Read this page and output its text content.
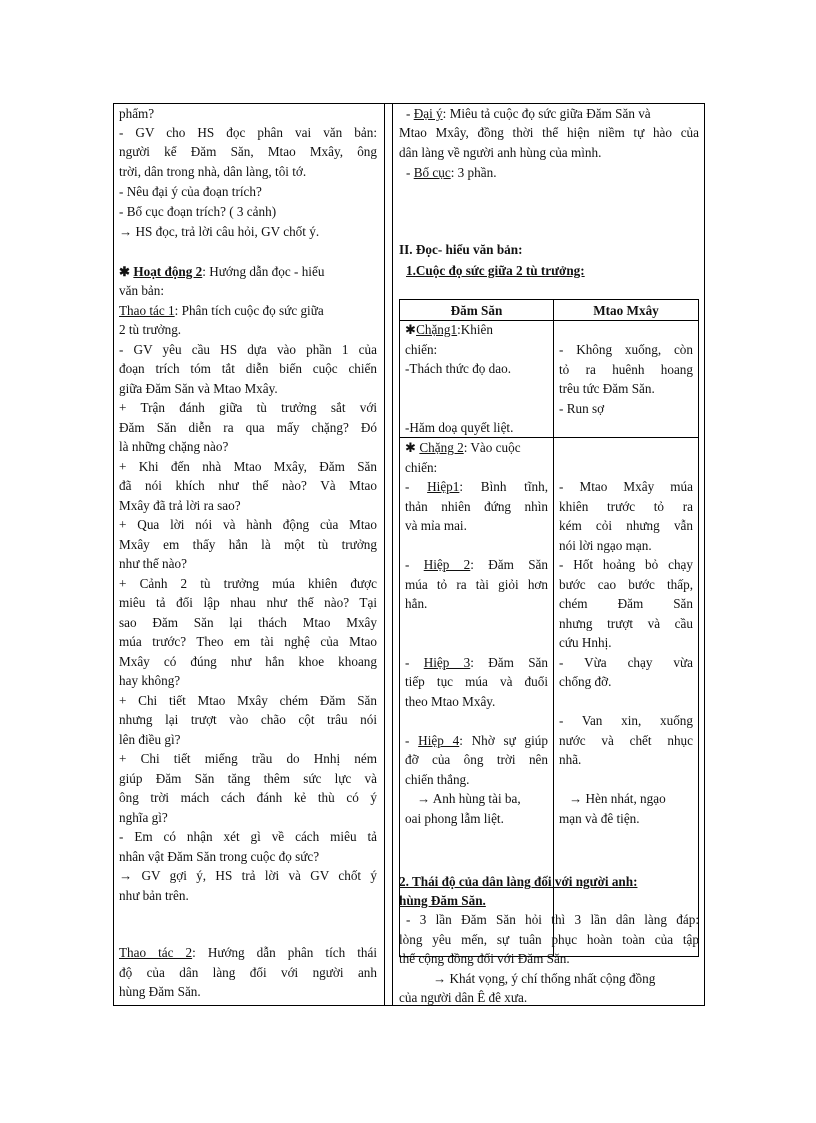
phẩm?
- GV cho HS đọc phân vai văn bản:
người kể Đăm Săn, Mtao Mxây, ông
trời, dân trong nhà, dân làng, tôi tớ.
- Nêu đại ý của đoạn trích?
- Bố cục đoạn trích? ( 3 cảnh)
→ HS đọc, trả lời câu hỏi, GV chốt ý.
✱ Hoạt động 2: Hướng dẫn đọc - hiểu
văn bản:
Thao tác 1: Phân tích cuộc đọ sức giữa
2 tù trưởng.
- GV yêu cầu HS dựa vào phần 1 của
đoạn trích tóm tắt diễn biến cuộc chiến
giữa Đăm Săn và Mtao Mxây.
+ Trận đánh giữa tù trưởng sắt với
Đăm Săn diễn ra qua mấy chặng? Đó
là những chặng nào?
+ Khi đến nhà Mtao Mxây, Đăm Săn
đã nói khích như thế nào? Và Mtao
Mxây đã trả lời ra sao?
+ Qua lời nói và hành động của Mtao
Mxây em thấy hắn là một tù trưởng
như thế nào?
+ Cảnh 2 tù trưởng múa khiên được
miêu tả đối lập nhau như thế nào? Tại
sao Đăm Săn lại thách Mtao Mxây
múa trước? Theo em tài nghệ của Mtao
Mxây có đúng như hắn khoe khoang
hay không?
+ Chi tiết Mtao Mxây chém Đăm Săn
nhưng lại trượt vào chão cột trâu nói
lên điều gì?
+ Chi tiết miếng trầu do Hnhị ném
giúp Đăm Săn tăng thêm sức lực và
ông trời mách cách đánh kẻ thù có ý
nghĩa gì?
- Em có nhận xét gì về cách miêu tả
nhân vật Đăm Săn trong cuộc đọ sức?
→ GV gợi ý, HS trả lời và GV chốt ý
như bản trên.
Thao tác 2: Hướng dẫn phân tích thái
độ của dân làng đối với người anh
hùng Đăm Săn.
- Đại ý: Miêu tả cuộc đọ sức giữa Đăm Săn và
Mtao Mxây, đồng thời thể hiện niềm tự hào của
dân làng về người anh hùng của mình.
- Bố cục: 3 phần.
II. Đọc- hiểu văn bản:
1.Cuộc đọ sức giữa 2 tù trưởng:
Đăm Săn	Mtao Mxây
✱Chặng1:Khiên
chiến:
-Thách thức đọ dao.
-Hăm doạ quyết liệt.
- Không xuống, còn
tỏ ra huênh hoang
trêu tức Đăm Săn.
- Run sợ
✱ Chặng 2: Vào cuộc
chiến:
- Hiệp1: Bình tĩnh,
thản nhiên đứng nhìn
và mỉa mai.
- Hiệp 2: Đăm Săn
múa tỏ ra tài giỏi hơn
hẳn.
- Hiệp 3: Đăm Săn
tiếp tục múa và đuổi
theo Mtao Mxây.
- Hiệp 4: Nhờ sự giúp
đỡ của ông trời nên
chiến thắng.
→ Anh hùng tài ba,
oai phong lẫm liệt.
- Mtao Mxây múa
khiên trước tỏ ra
kém cỏi nhưng vẫn
nói lời ngạo mạn.
- Hốt hoảng bỏ chạy
bước cao bước thấp,
chém Đăm Săn
nhưng trượt và cầu
cứu Hnhị.
- Vừa chạy vừa
chống đỡ.
- Van xin, xuống
nước và chết nhục
nhã.
→ Hèn nhát, ngạo
mạn và đê tiện.
2. Thái độ của dân làng đối với người anh:
hùng Đăm Săn.
- 3 lần Đăm Săn hỏi thì 3 lần dân làng đáp:
lòng yêu mến, sự tuân phục hoàn toàn của tập
thể cộng đồng đối với Đăm Săn.
→ Khát vọng, ý chí thống nhất cộng đồng
của người dân Ê đê xưa.
